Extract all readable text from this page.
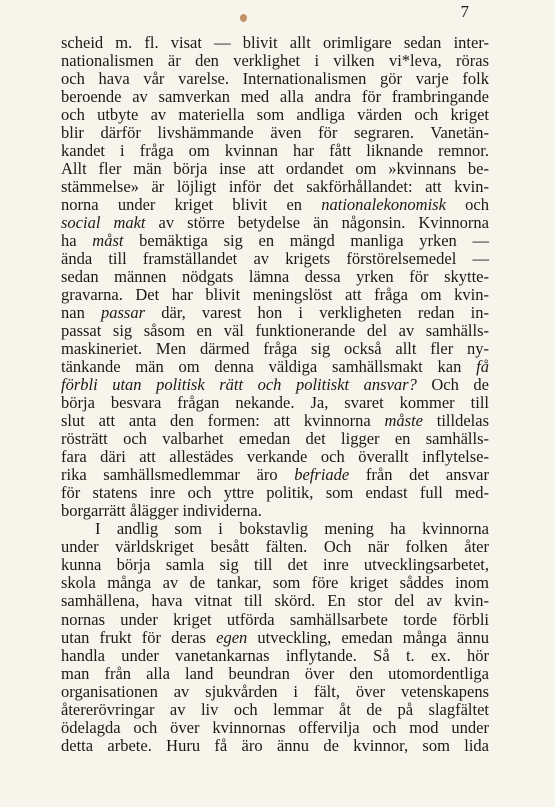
7
scheid m. fl. visat — blivit allt orimligare sedan inter-
nationalismen är den verklighet i vilken vi*leva, röras
och hava vår varelse. Internationalismen gör varje folk
beroende av samverkan med alla andra för frambringande
och utbyte av materiella som andliga värden och kriget
blir därför livshämmande även för segraren. Vanetän-
kandet i fråga om kvinnan har fått liknande remnor.
Allt fler män börja inse att ordandet om »kvinnans be-
stämmelse» är löjligt inför det sakförhållandet: att kvin-
norna under kriget blivit en nationalekonomisk och
social makt av större betydelse än någonsin. Kvinnorna
ha måst bemäktiga sig en mängd manliga yrken —
ända till framställandet av krigets förstörelsemedel —
sedan männen nödgats lämna dessa yrken för skytte-
gravarna. Det har blivit meningslöst att fråga om kvin-
nan passar där, varest hon i verkligheten redan in-
passat sig såsom en väl funktionerande del av samhälls-
maskineriet. Men därmed fråga sig också allt fler ny-
tänkande män om denna väldiga samhällsmakt kan få
förbli utan politisk rätt och politiskt ansvar? Och de
börja besvara frågan nekande. Ja, svaret kommer till
slut att anta den formen: att kvinnorna måste tilldelas
rösträtt och valbarhet emedan det ligger en samhälls-
fara däri att allestädes verkande och överallt inflytelse-
rika samhällsmedlemmar äro befriade från det ansvar
för statens inre och yttre politik, som endast full med-
borgarrätt ålägger individerna.
I andlig som i bokstavlig mening ha kvinnorna
under världskriget besått fälten. Och när folken åter
kunna börja samla sig till det inre utvecklingsarbetet,
skola många av de tankar, som före kriget såddes inom
samhällena, hava vitnat till skörd. En stor del av kvin-
nornas under kriget utförda samhällsarbete torde förbli
utan frukt för deras egen utveckling, emedan många ännu
handla under vanetankarnas inflytande. Så t. ex. hör
man från alla land beundran över den utomordentliga
organisationen av sjukvården i fält, över vetenskapens
återerövringar av liv och lemmar åt de på slagfältet
ödelagda och över kvinnornas offervilja och mod under
detta arbete. Huru få äro ännu de kvinnor, som lida
